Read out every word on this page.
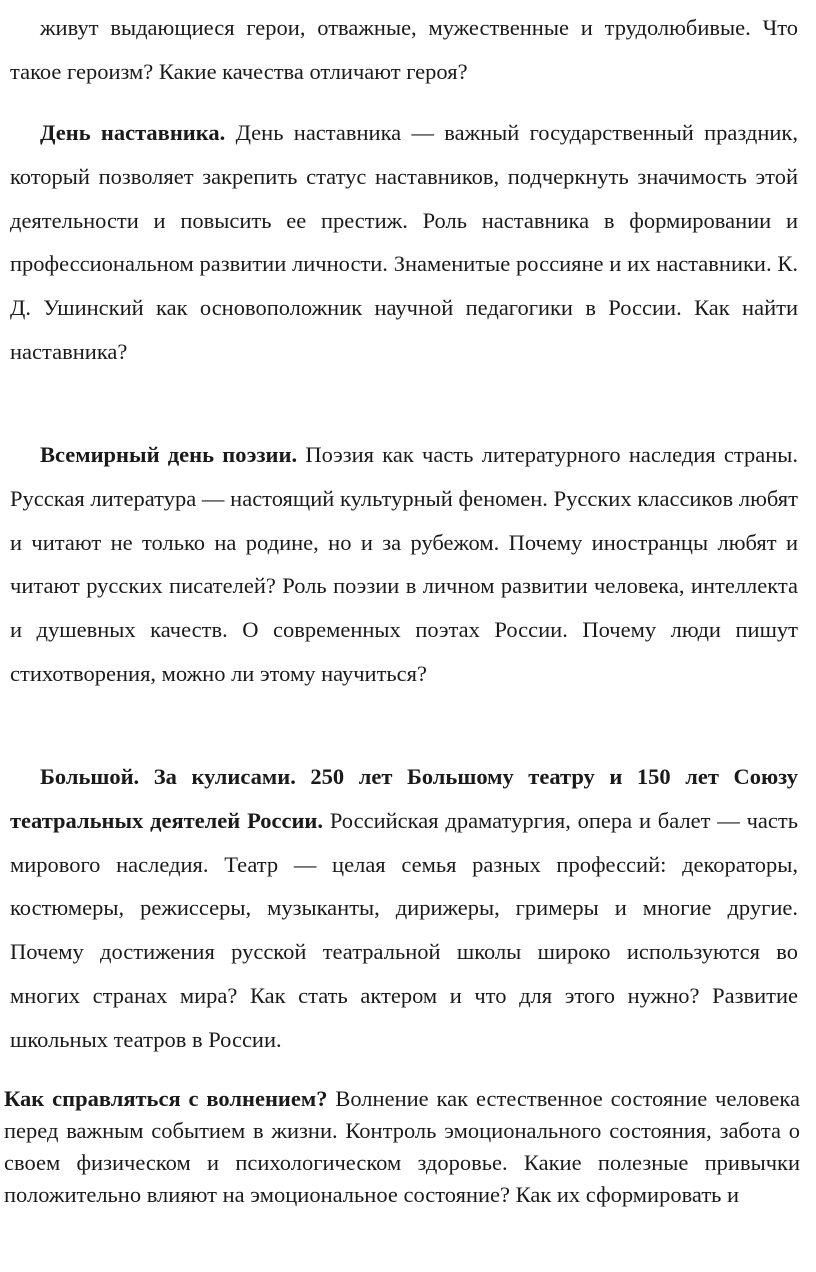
живут выдающиеся герои, отважные, мужественные и трудолюбивые. Что такое героизм? Какие качества отличают героя?

День наставника. День наставника — важный государственный праздник, который позволяет закрепить статус наставников, подчеркнуть значимость этой деятельности и повысить ее престиж. Роль наставника в формировании и профессиональном развитии личности. Знаменитые россияне и их наставники. К. Д. Ушинский как основоположник научной педагогики в России. Как найти наставника?

Всемирный день поэзии. Поэзия как часть литературного наследия страны. Русская литература — настоящий культурный феномен. Русских классиков любят и читают не только на родине, но и за рубежом. Почему иностранцы любят и читают русских писателей? Роль поэзии в личном развитии человека, интеллекта и душевных качеств. О современных поэтах России. Почему люди пишут стихотворения, можно ли этому научиться?

Большой. За кулисами. 250 лет Большому театру и 150 лет Союзу театральных деятелей России. Российская драматургия, опера и балет — часть мирового наследия. Театр — целая семья разных профессий: декораторы, костюмеры, режиссеры, музыканты, дирижеры, гримеры и многие другие. Почему достижения русской театральной школы широко используются во многих странах мира? Как стать актером и что для этого нужно? Развитие школьных театров в России.

Как справляться с волнением? Волнение как естественное состояние человека перед важным событием в жизни. Контроль эмоционального состояния, забота о своем физическом и психологическом здоровье. Какие полезные привычки положительно влияют на эмоциональное состояние? Как их сформировать и
